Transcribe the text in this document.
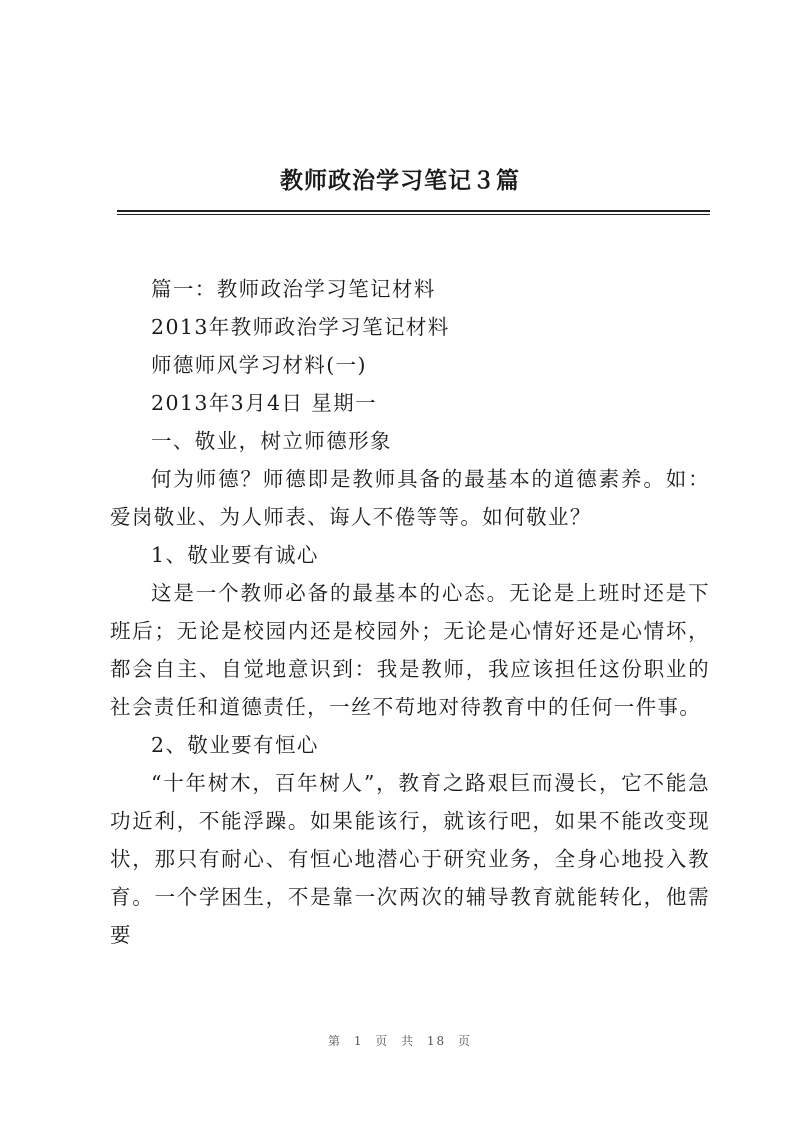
教师政治学习笔记３篇

篇一：教师政治学习笔记材料

2013年教师政治学习笔记材料

师德师风学习材料(一)

2013年3月4日 星期一

一、敬业，树立师德形象

何为师德？师德即是教师具备的最基本的道德素养。如：爱岗敬业、为人师表、诲人不倦等等。如何敬业？

1、敬业要有诚心

这是一个教师必备的最基本的心态。无论是上班时还是下班后；无论是校园内还是校园外；无论是心情好还是心情坏，都会自主、自觉地意识到：我是教师，我应该担任这份职业的社会责任和道德责任，一丝不苟地对待教育中的任何一件事。

2、敬业要有恒心

“十年树木，百年树人”，教育之路艰巨而漫长，它不能急功近利，不能浮躁。如果能该行，就该行吧，如果不能改变现状，那只有耐心、有恒心地潜心于研究业务，全身心地投入教育。一个学困生，不是靠一次两次的辅导教育就能转化，他需要

第 1 页 共 18 页
